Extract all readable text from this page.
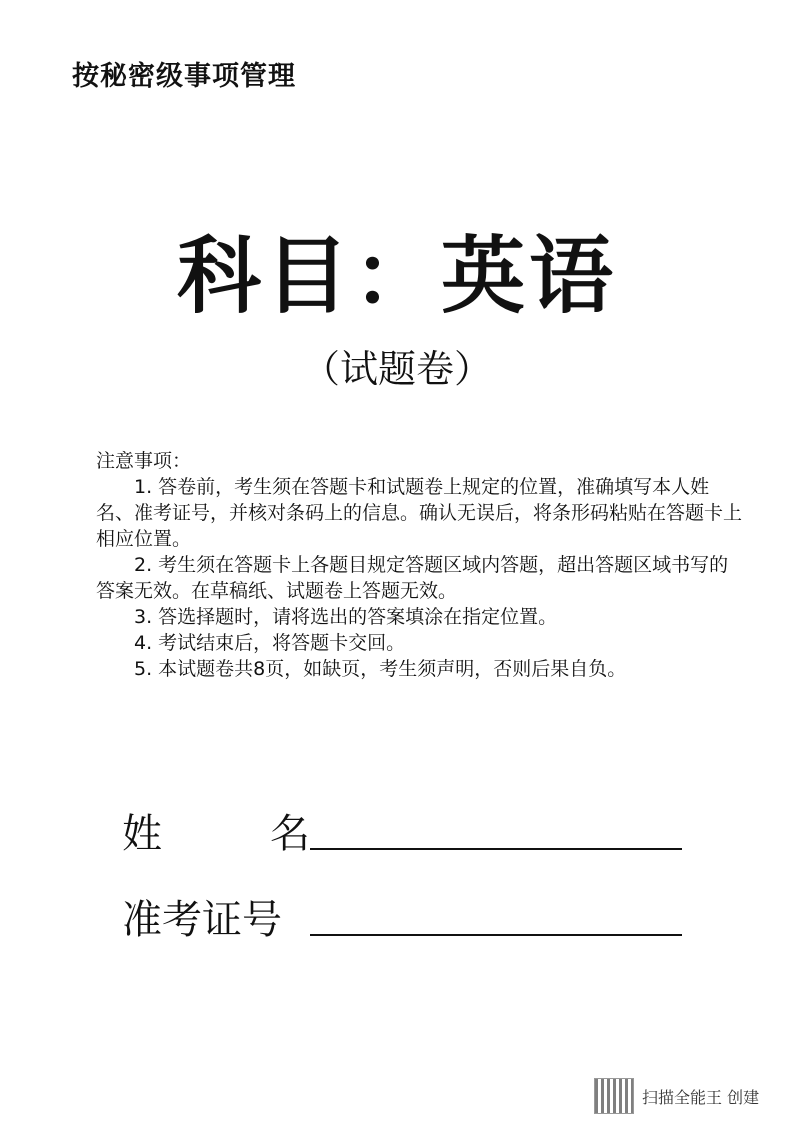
按秘密级事项管理
科目：英语
（试题卷）
注意事项：

1. 答卷前，考生须在答题卡和试题卷上规定的位置，准确填写本人姓名、准考证号，并核对条码上的信息。确认无误后，将条形码粘贴在答题卡上相应位置。

2. 考生须在答题卡上各题目规定答题区域内答题，超出答题区域书写的答案无效。在草稿纸、试题卷上答题无效。

3. 答选择题时，请将选出的答案填涂在指定位置。

4. 考试结束后，将答题卡交回。

5. 本试题卷共8页，如缺页，考生须声明，否则后果自负。

姓	名
准考证号
扫描全能王 创建
